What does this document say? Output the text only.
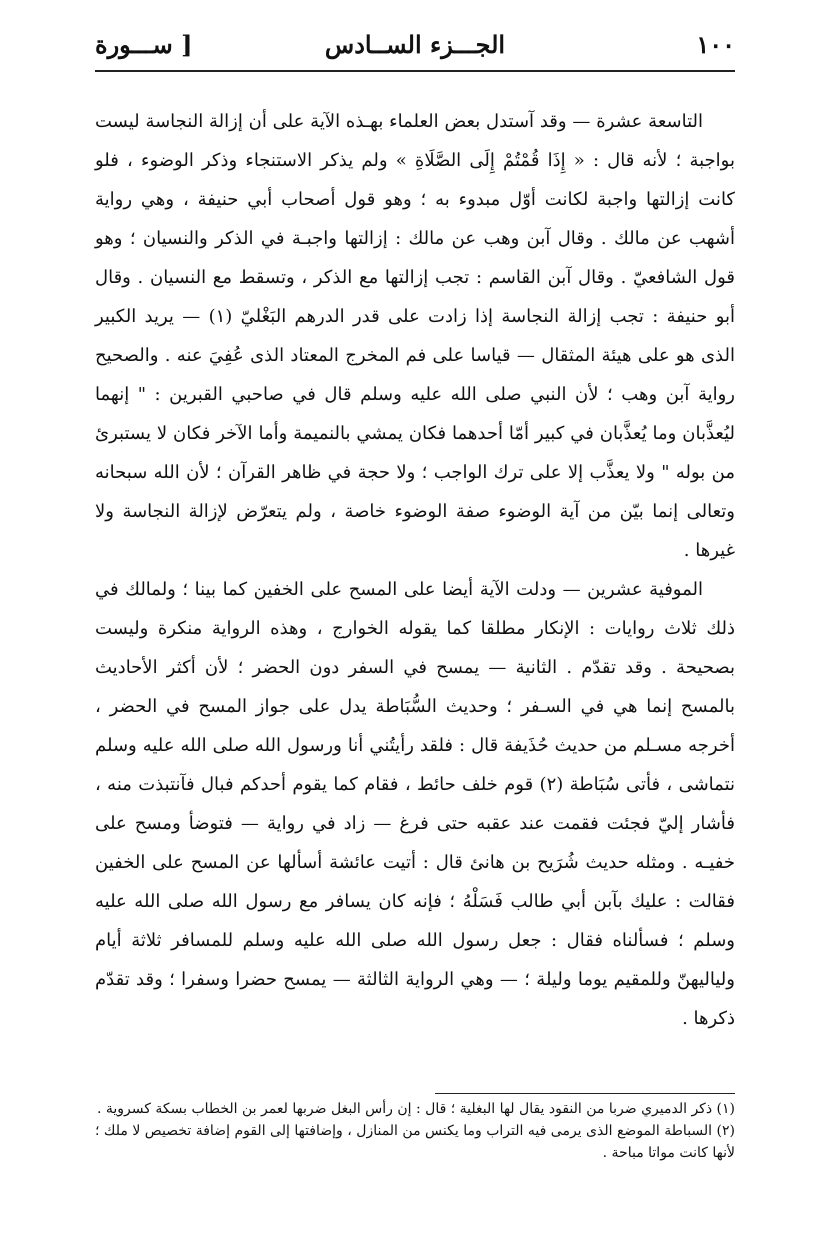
١٠٠
الجـــزء الســادس
[ ســـورة

التاسعة عشرة — وقد آستدل بعض العلماء بهـذه الآية على أن إزالة النجاسة ليست بواجبة ؛ لأنه قال : « إِذَا قُمْتُمْ إِلَى الصَّلَاةِ » ولم يذكر الاستنجاء وذكر الوضوء ، فلو كانت إزالتها واجبة لكانت أوّل مبدوء به ؛ وهو قول أصحاب أبي حنيفة ، وهي رواية أشهب عن مالك . وقال آبن وهب عن مالك : إزالتها واجبـة في الذكر والنسيان ؛ وهو قول الشافعيّ . وقال آبن القاسم : تجب إزالتها مع الذكر ، وتسقط مع النسيان . وقال أبو حنيفة : تجب إزالة النجاسة إذا زادت على قدر الدرهم البَغْليّ (١) — يريد الكبير الذى هو على هيئة المثقال — قياسا على فم المخرج المعتاد الذى عُفِيَ عنه . والصحيح رواية آبن وهب ؛ لأن النبي صلى الله عليه وسلم قال في صاحبي القبرين : " إنهما ليُعذَّبان وما يُعذَّبان في كبير أمّا أحدهما فكان يمشي بالنميمة وأما الآخر فكان لا يستبرئ من بوله " ولا يعذَّب إلا على ترك الواجب ؛ ولا حجة في ظاهر القرآن ؛ لأن الله سبحانه وتعالى إنما بيّن من آية الوضوء صفة الوضوء خاصة ، ولم يتعرّض لإزالة النجاسة ولا غيرها .

الموفية عشرين — ودلت الآية أيضا على المسح على الخفين كما بينا ؛ ولمالك في ذلك ثلاث روايات : الإنكار مطلقا كما يقوله الخوارج ، وهذه الرواية منكرة وليست بصحيحة . وقد تقدّم . الثانية — يمسح في السفر دون الحضر ؛ لأن أكثر الأحاديث بالمسح إنما هي في السـفر ؛ وحديث السُّبَاطة يدل على جواز المسح في الحضر ، أخرجه مسـلم من حديث حُذَيفة قال : فلقد رأيتُني أنا ورسول الله صلى الله عليه وسلم نتماشى ، فأتى سُبَاطة (٢) قوم خلف حائط ، فقام كما يقوم أحدكم فبال فآنتبذت منه ، فأشار إليّ فجئت فقمت عند عقبه حتى فرغ — زاد في رواية — فتوضأ ومسح على خفيـه . ومثله حديث شُرَيح بن هانئ قال : أتيت عائشة أسألها عن المسح على الخفين فقالت : عليك بآبن أبي طالب فَسَلْهُ ؛ فإنه كان يسافر مع رسول الله صلى الله عليه وسلم ؛ فسألناه فقال : جعل رسول الله صلى الله عليه وسلم للمسافر ثلاثة أيام ولياليهنّ وللمقيم يوما وليلة ؛ — وهي الرواية الثالثة — يمسح حضرا وسفرا ؛ وقد تقدّم ذكرها .

(١) ذكر الدميري ضربا من النقود يقال لها البغلية ؛ قال : إن رأس البغل ضربها لعمر بن الخطاب بسكة كسروية .

(٢) السباطة الموضع الذى يرمى فيه التراب وما يكنس من المنازل ، وإضافتها إلى القوم إضافة تخصيص لا ملك ؛ لأنها كانت مواتا مباحة .
